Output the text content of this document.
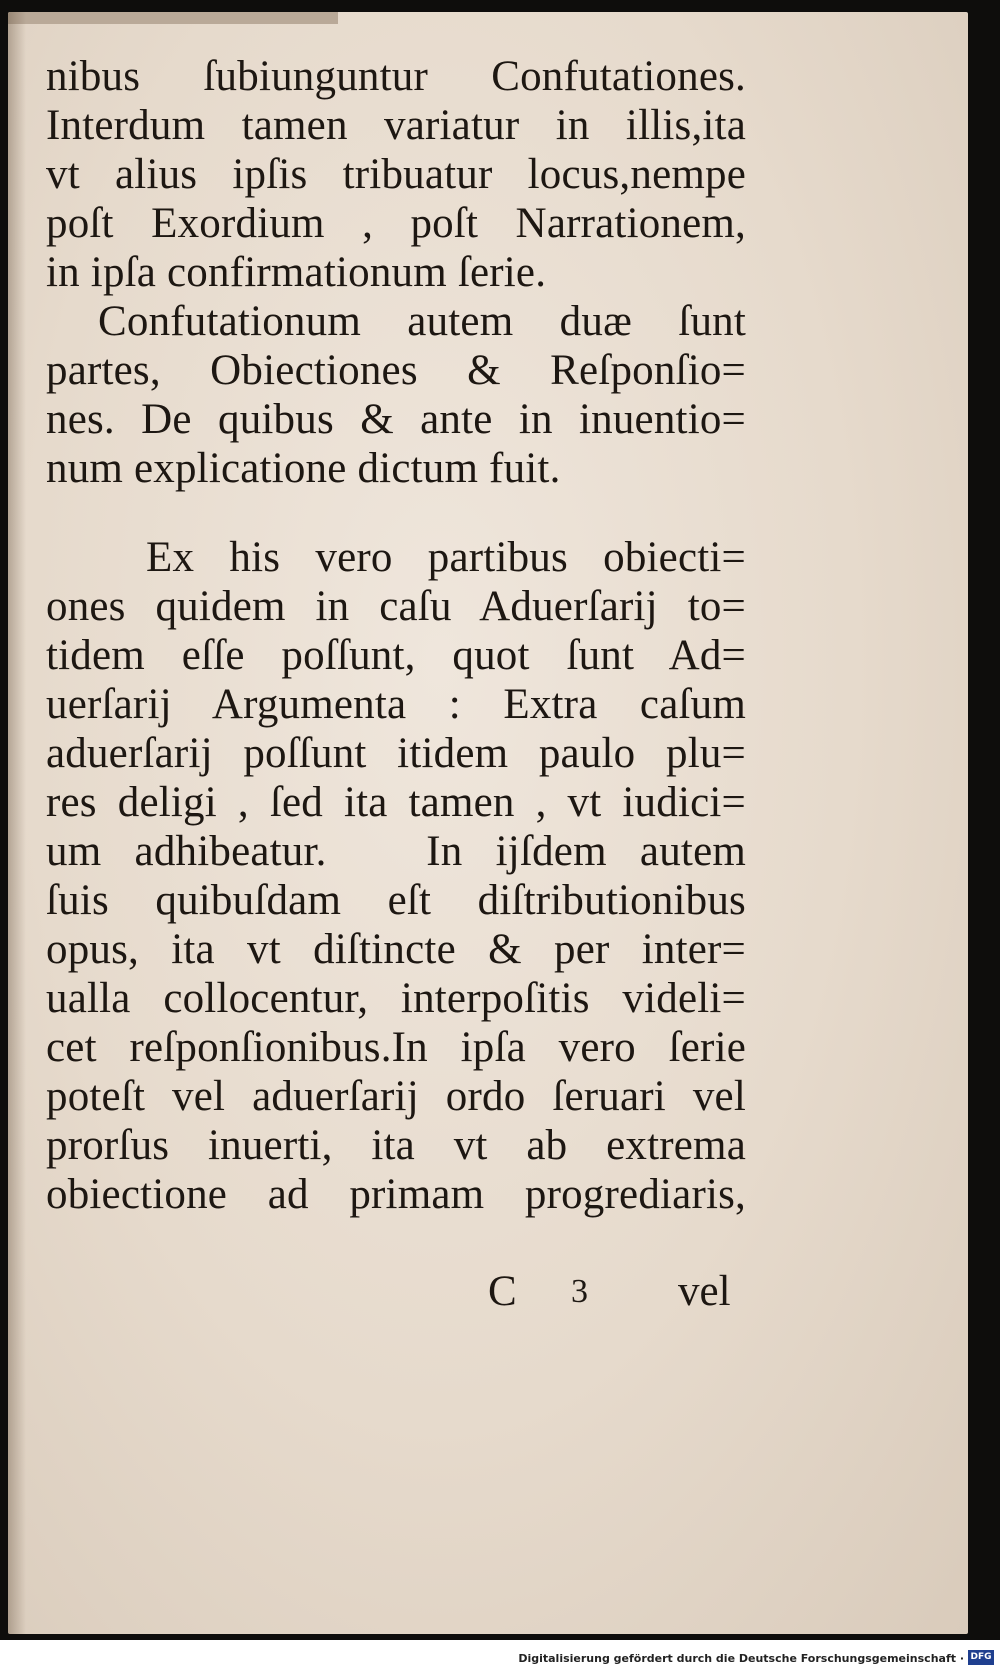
nibus ſubiunguntur Confutationes.
Interdum tamen variatur in illis,ita
vt alius ipſis tribuatur locus,nempe
poſt Exordium , poſt Narrationem,
in ipſa confirmationum ſerie.
Confutationum autem duæ ſunt
partes, Obiectiones & Reſponſio=
nes. De quibus & ante in inuentio=
num explicatione dictum fuit.
Ex his vero partibus obiecti=
ones quidem in caſu Aduerſarij to=
tidem eſſe poſſunt, quot ſunt Ad=
uerſarij Argumenta : Extra caſum
aduerſarij poſſunt itidem paulo plu=
res deligi , ſed ita tamen , vt iudici=
um adhibeatur.   In ijſdem autem
ſuis quibuſdam eſt diſtributionibus
opus, ita vt diſtincte & per inter=
ualla collocentur, interpoſitis videli=
cet reſponſionibus.In ipſa vero ſerie
poteſt vel aduerſarij ordo ſeruari vel
prorſus inuerti, ita vt ab extrema
obiectione ad primam progrediaris,
C 3 vel
Digitalisierung gefördert durch die Deutsche Forschungsgemeinschaft · DFG
